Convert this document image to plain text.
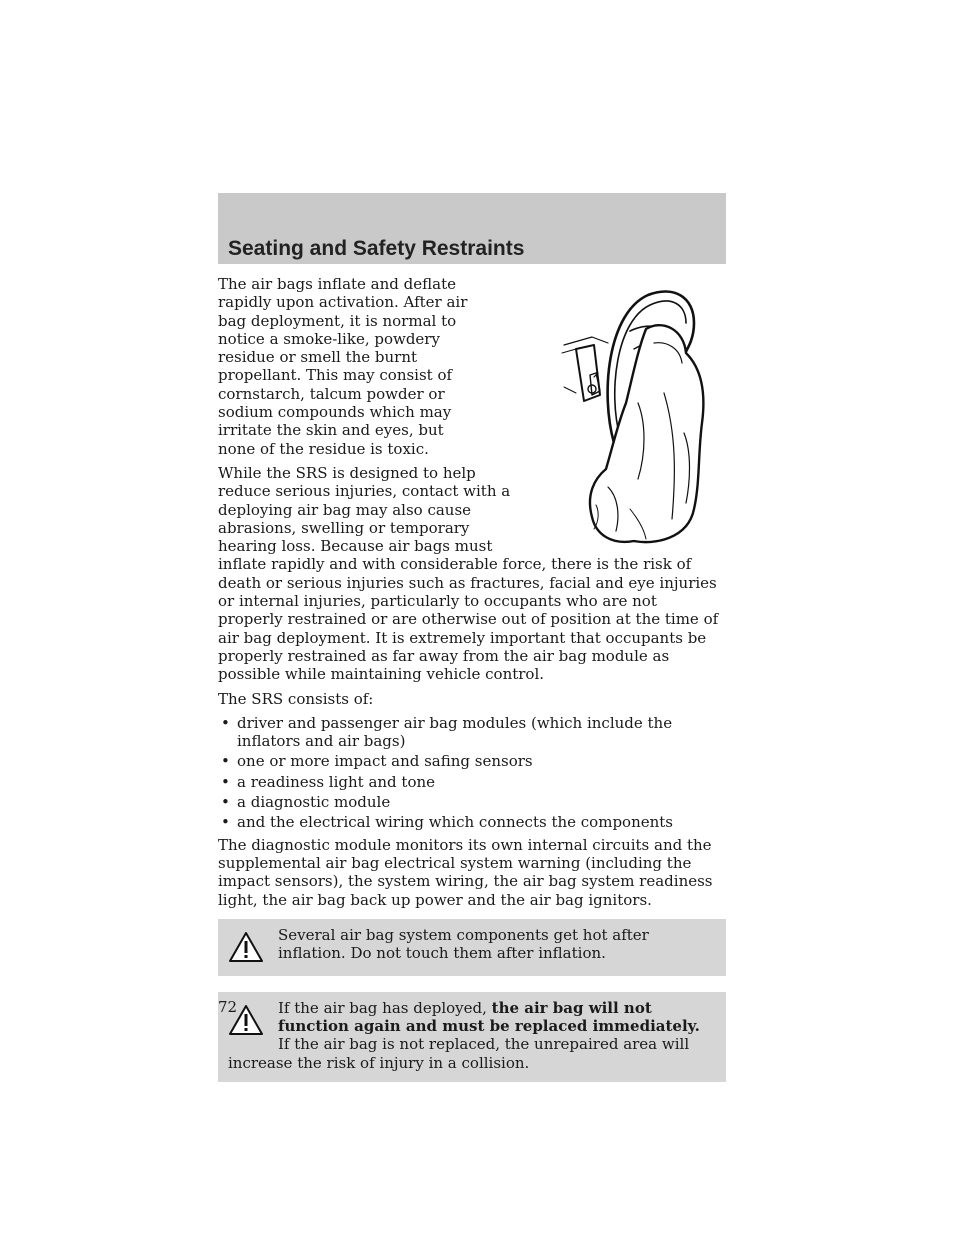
Seating and Safety Restraints

The air bags inflate and deflate rapidly upon activation. After air bag deployment, it is normal to notice a smoke-like, powdery residue or smell the burnt propellant. This may consist of cornstarch, talcum powder or sodium compounds which may irritate the skin and eyes, but none of the residue is toxic.

While the SRS is designed to help reduce serious injuries, contact with a deploying air bag may also cause abrasions, swelling or temporary hearing loss. Because air bags must inflate rapidly and with considerable force, there is the risk of death or serious injuries such as fractures, facial and eye injuries or internal injuries, particularly to occupants who are not properly restrained or are otherwise out of position at the time of air bag deployment. It is extremely important that occupants be properly restrained as far away from the air bag module as possible while maintaining vehicle control.

The SRS consists of:

• driver and passenger air bag modules (which include the inflators and air bags)
• one or more impact and safing sensors
• a readiness light and tone
• a diagnostic module
• and the electrical wiring which connects the components

The diagnostic module monitors its own internal circuits and the supplemental air bag electrical system warning (including the impact sensors), the system wiring, the air bag system readiness light, the air bag back up power and the air bag ignitors.

Several air bag system components get hot after inflation. Do not touch them after inflation.

If the air bag has deployed, the air bag will not function again and must be replaced immediately. If the air bag is not replaced, the unrepaired area will increase the risk of injury in a collision.

72
